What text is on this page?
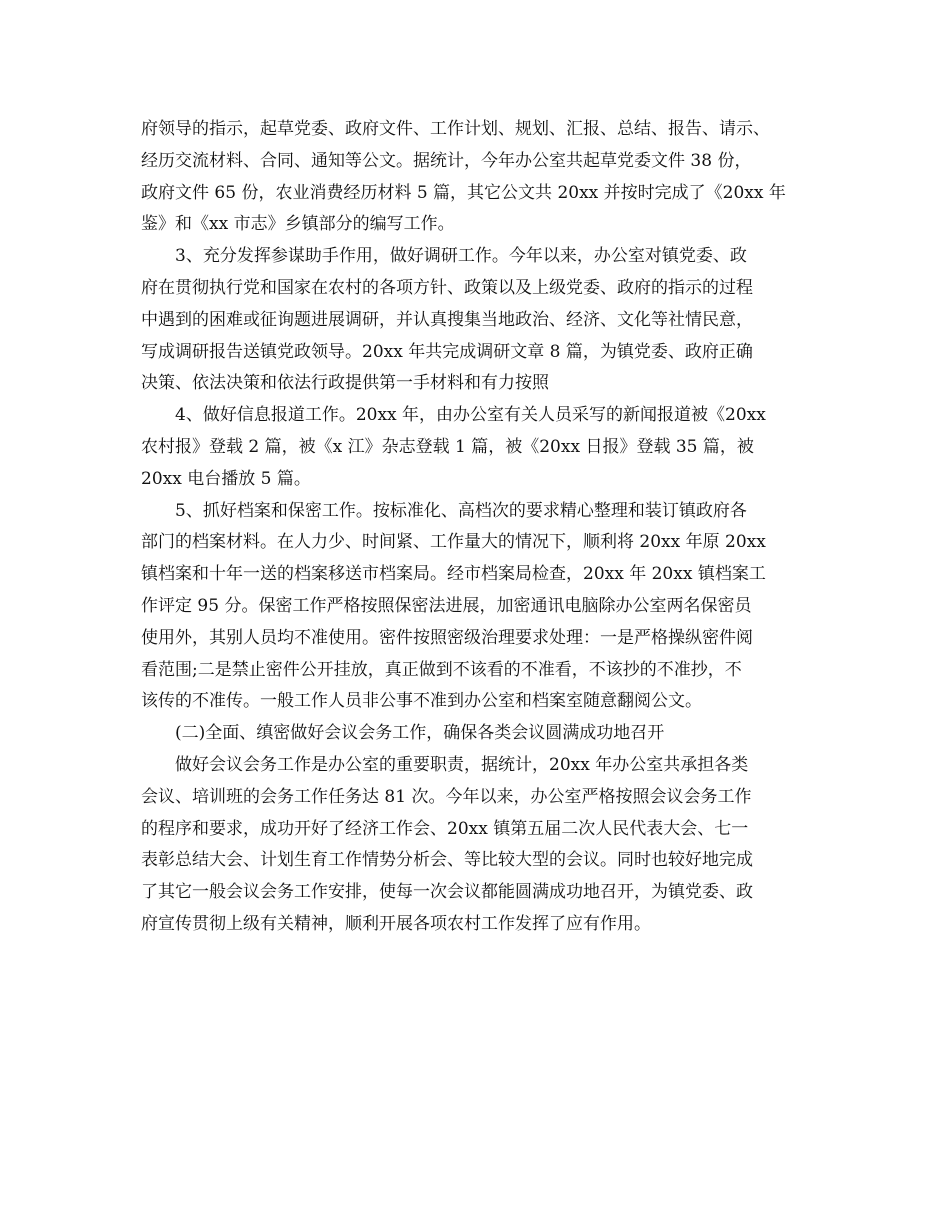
府领导的指示，起草党委、政府文件、工作计划、规划、汇报、总结、报告、请示、
经历交流材料、合同、通知等公文。据统计，今年办公室共起草党委文件 38 份，
政府文件 65 份，农业消费经历材料 5 篇，其它公文共 20xx 并按时完成了《20xx 年
鉴》和《xx 市志》乡镇部分的编写工作。

3、充分发挥参谋助手作用，做好调研工作。今年以来，办公室对镇党委、政
府在贯彻执行党和国家在农村的各项方针、政策以及上级党委、政府的指示的过程
中遇到的困难或征询题进展调研，并认真搜集当地政治、经济、文化等社情民意，
写成调研报告送镇党政领导。20xx 年共完成调研文章 8 篇，为镇党委、政府正确
决策、依法决策和依法行政提供第一手材料和有力按照

4、做好信息报道工作。20xx 年，由办公室有关人员采写的新闻报道被《20xx
农村报》登载 2 篇，被《x 江》杂志登载 1 篇，被《20xx 日报》登载 35 篇，被
20xx 电台播放 5 篇。

5、抓好档案和保密工作。按标准化、高档次的要求精心整理和装订镇政府各
部门的档案材料。在人力少、时间紧、工作量大的情况下，顺利将 20xx 年原 20xx
镇档案和十年一送的档案移送市档案局。经市档案局检查，20xx 年 20xx 镇档案工
作评定 95 分。保密工作严格按照保密法进展，加密通讯电脑除办公室两名保密员
使用外，其别人员均不准使用。密件按照密级治理要求处理：一是严格操纵密件阅
看范围;二是禁止密件公开挂放，真正做到不该看的不准看，不该抄的不准抄，不
该传的不准传。一般工作人员非公事不准到办公室和档案室随意翻阅公文。

(二)全面、缜密做好会议会务工作，确保各类会议圆满成功地召开

做好会议会务工作是办公室的重要职责，据统计，20xx 年办公室共承担各类
会议、培训班的会务工作任务达 81 次。今年以来，办公室严格按照会议会务工作
的程序和要求，成功开好了经济工作会、20xx 镇第五届二次人民代表大会、七一
表彰总结大会、计划生育工作情势分析会、等比较大型的会议。同时也较好地完成
了其它一般会议会务工作安排，使每一次会议都能圆满成功地召开，为镇党委、政
府宣传贯彻上级有关精神，顺利开展各项农村工作发挥了应有作用。
